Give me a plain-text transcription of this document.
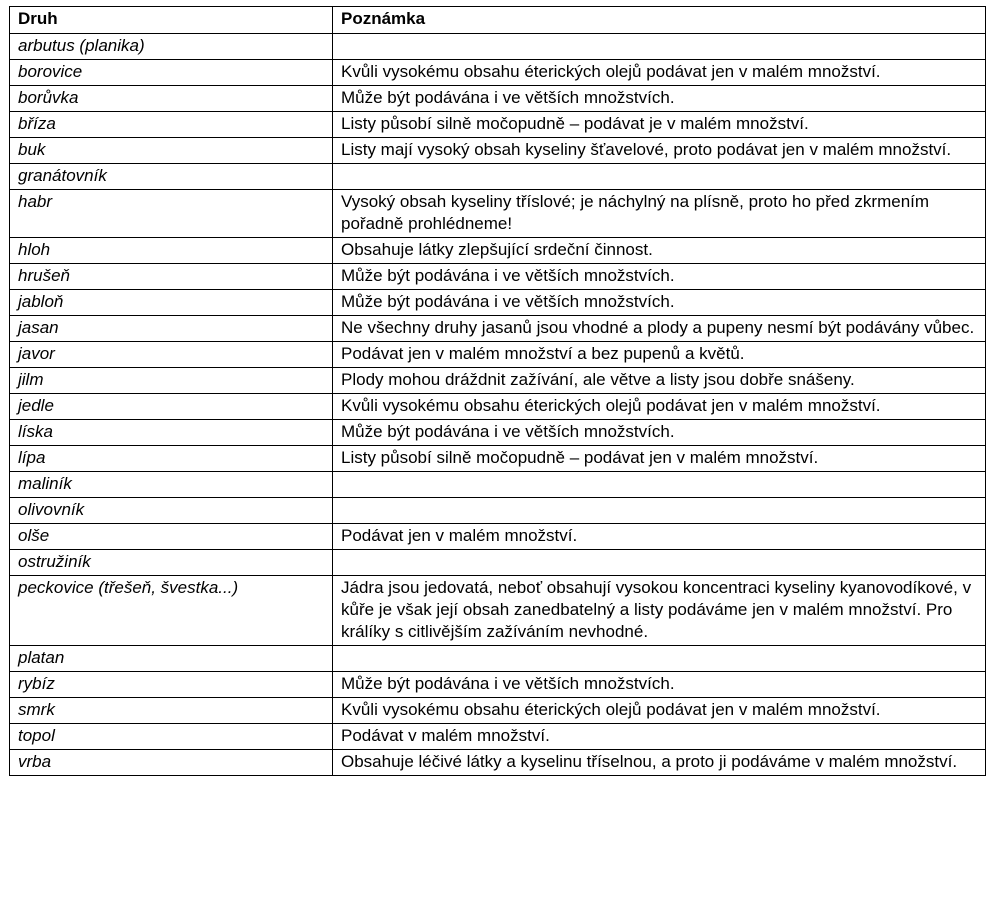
Druh	Poznámka
arbutus (planika)	
borovice	Kvůli vysokému obsahu éterických olejů podávat jen v malém množství.
borůvka	Může být podávána i ve větších množstvích.
bříza	Listy působí silně močopudně – podávat je v malém množství.
buk	Listy mají vysoký obsah kyseliny šťavelové, proto podávat jen v malém množství.
granátovník	
habr	Vysoký obsah kyseliny tříslové; je náchylný na plísně, proto ho před zkrmením pořadně prohlédneme!
hloh	Obsahuje látky zlepšující srdeční činnost.
hrušeň	Může být podávána i ve větších množstvích.
jabloň	Může být podávána i ve větších množstvích.
jasan	Ne všechny druhy jasanů jsou vhodné a plody a pupeny nesmí být podávány vůbec.
javor	Podávat jen v malém množství a bez pupenů a květů.
jilm	Plody mohou dráždnit zažívání, ale větve a listy jsou dobře snášeny.
jedle	Kvůli vysokému obsahu éterických olejů podávat jen v malém množství.
líska	Může být podávána i ve větších množstvích.
lípa	Listy působí silně močopudně – podávat jen v malém množství.
maliník	
olivovník	
olše	Podávat jen v malém množství.
ostružiník	
peckovice (třešeň, švestka...)	Jádra jsou jedovatá, neboť obsahují vysokou koncentraci kyseliny kyanovodíkové, v kůře je však její obsah zanedbatelný a listy podáváme jen v malém množství. Pro králíky s citlivějším zažíváním nevhodné.
platan	
rybíz	Může být podávána i ve větších množstvích.
smrk	Kvůli vysokému obsahu éterických olejů podávat jen v malém množství.
topol	Podávat v malém množství.
vrba	Obsahuje léčivé látky a kyselinu tříselnou, a proto ji podáváme v malém množství.
